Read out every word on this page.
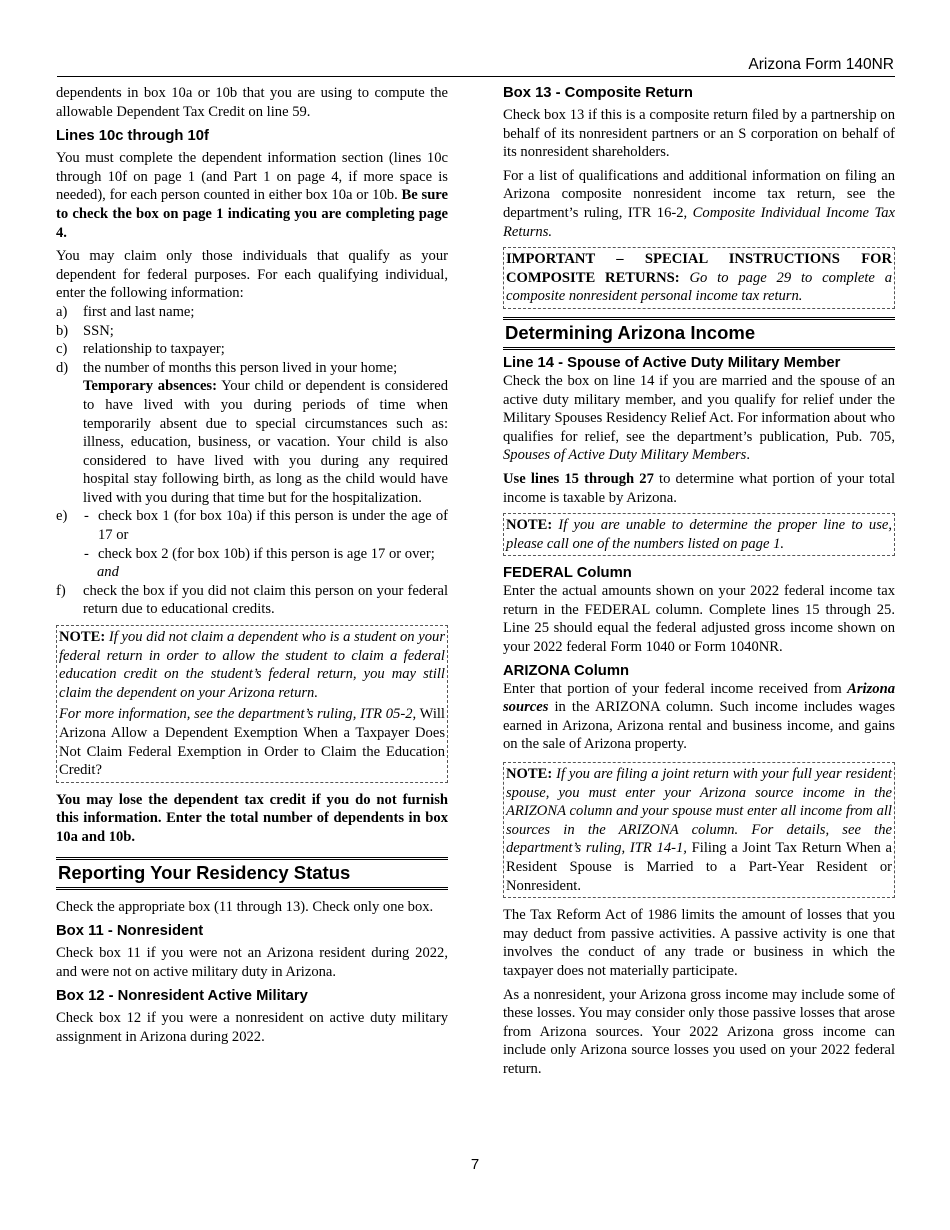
Arizona Form 140NR

dependents in box 10a or 10b that you are using to compute the allowable Dependent Tax Credit on line 59.

Lines 10c through 10f

You must complete the dependent information section (lines 10c through 10f on page 1 (and Part 1 on page 4, if more space is needed), for each person counted in either box 10a or 10b. Be sure to check the box on page 1 indicating you are completing page 4.

You may claim only those individuals that qualify as your dependent for federal purposes. For each qualifying individual, enter the following information:

a)	first and last name;
b)	SSN;
c)	relationship to taxpayer;
d)	the number of months this person lived in your home;
Temporary absences: Your child or dependent is considered to have lived with you during periods of time when temporarily absent due to special circumstances such as: illness, education, business, or vacation. Your child is also considered to have lived with you during any required hospital stay following birth, as long as the child would have lived with you during that time but for the hospitalization.
e)	- check box 1 (for box 10a) if this person is under the age of 17 or
- check box 2 (for box 10b) if this person is age 17 or over;
and
f)	check the box if you did not claim this person on your federal return due to educational credits.

NOTE: If you did not claim a dependent who is a student on your federal return in order to allow the student to claim a federal education credit on the student’s federal return, you may still claim the dependent on your Arizona return.

For more information, see the department’s ruling, ITR 05-2, Will Arizona Allow a Dependent Exemption When a Taxpayer Does Not Claim Federal Exemption in Order to Claim the Education Credit?

You may lose the dependent tax credit if you do not furnish this information. Enter the total number of dependents in box 10a and 10b.

Reporting Your Residency Status

Check the appropriate box (11 through 13). Check only one box.

Box 11 - Nonresident

Check box 11 if you were not an Arizona resident during 2022, and were not on active military duty in Arizona.

Box 12 - Nonresident Active Military

Check box 12 if you were a nonresident on active duty military assignment in Arizona during 2022.

Box 13 - Composite Return

Check box 13 if this is a composite return filed by a partnership on behalf of its nonresident partners or an S corporation on behalf of its nonresident shareholders.

For a list of qualifications and additional information on filing an Arizona composite nonresident income tax return, see the department’s ruling, ITR 16-2, Composite Individual Income Tax Returns.

IMPORTANT – SPECIAL INSTRUCTIONS FOR COMPOSITE RETURNS: Go to page 29 to complete a composite nonresident personal income tax return.

Determining Arizona Income
Line 14 - Spouse of Active Duty Military Member

Check the box on line 14 if you are married and the spouse of an active duty military member, and you qualify for relief under the Military Spouses Residency Relief Act. For information about who qualifies for relief, see the department’s publication, Pub. 705, Spouses of Active Duty Military Members.

Use lines 15 through 27 to determine what portion of your total income is taxable by Arizona.

NOTE: If you are unable to determine the proper line to use, please call one of the numbers listed on page 1.

FEDERAL Column

Enter the actual amounts shown on your 2022 federal income tax return in the FEDERAL column. Complete lines 15 through 25. Line 25 should equal the federal adjusted gross income shown on your 2022 federal Form 1040 or Form 1040NR.

ARIZONA Column

Enter that portion of your federal income received from Arizona sources in the ARIZONA column. Such income includes wages earned in Arizona, Arizona rental and business income, and gains on the sale of Arizona property.

NOTE: If you are filing a joint return with your full year resident spouse, you must enter your Arizona source income in the ARIZONA column and your spouse must enter all income from all sources in the ARIZONA column. For details, see the department’s ruling, ITR 14-1, Filing a Joint Tax Return When a Resident Spouse is Married to a Part-Year Resident or Nonresident.

The Tax Reform Act of 1986 limits the amount of losses that you may deduct from passive activities. A passive activity is one that involves the conduct of any trade or business in which the taxpayer does not materially participate.

As a nonresident, your Arizona gross income may include some of these losses. You may consider only those passive losses that arose from Arizona sources. Your 2022 Arizona gross income can include only Arizona source losses you used on your 2022 federal return.

7
